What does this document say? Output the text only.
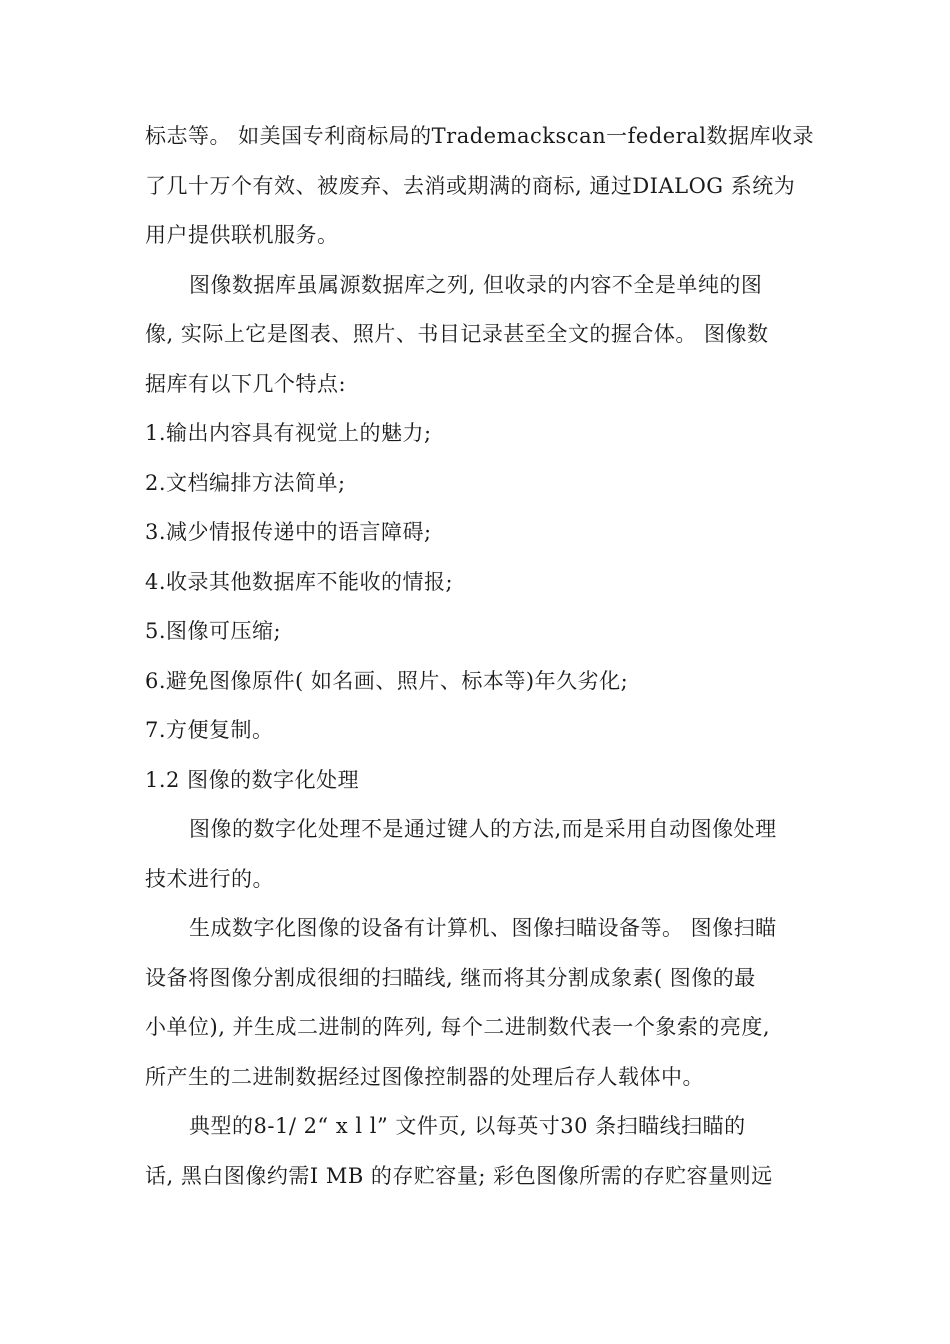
标志等。 如美国专利商标局的Trademackscan一federal数据库收录

了几十万个有效、被废弃、去消或期满的商标, 通过DIALOG 系统为

用户提供联机服务。

图像数据库虽属源数据库之列, 但收录的内容不全是单纯的图

像, 实际上它是图表、照片、书目记录甚至全文的握合体。 图像数

据库有以下几个特点:

1.输出内容具有视觉上的魅力;

2.文档编排方法简单;

3.减少情报传递中的语言障碍;

4.收录其他数据库不能收的情报;

5.图像可压缩;

6.避免图像原件( 如名画、照片、标本等)年久劣化;

7.方便复制。

1.2 图像的数字化处理

图像的数字化处理不是通过键人的方法,而是采用自动图像处理

技术进行的。

生成数字化图像的设备有计算机、图像扫瞄设备等。 图像扫瞄

设备将图像分割成很细的扫瞄线, 继而将其分割成象素( 图像的最

小单位), 并生成二进制的阵列, 每个二进制数代表一个象索的亮度,

所产生的二进制数据经过图像控制器的处理后存人载体中。

典型的8-1/ 2“ x l l” 文件页, 以每英寸30 条扫瞄线扫瞄的

话, 黑白图像约需I MB 的存贮容量; 彩色图像所需的存贮容量则远
